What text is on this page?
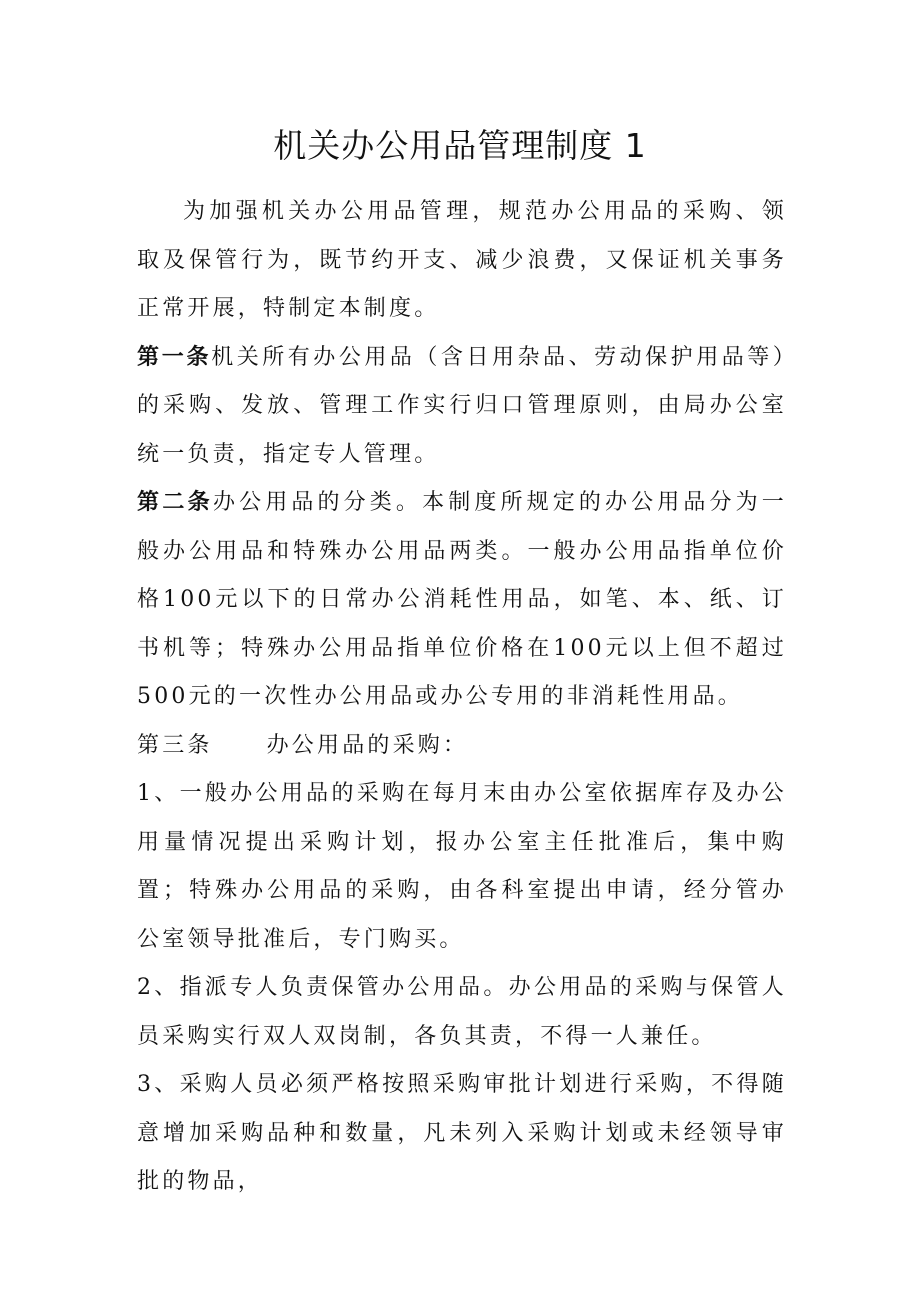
机关办公用品管理制度 1

为加强机关办公用品管理，规范办公用品的采购、领取及保管行为，既节约开支、减少浪费，又保证机关事务正常开展，特制定本制度。

第一条机关所有办公用品（含日用杂品、劳动保护用品等）的采购、发放、管理工作实行归口管理原则，由局办公室统一负责，指定专人管理。

第二条办公用品的分类。本制度所规定的办公用品分为一般办公用品和特殊办公用品两类。一般办公用品指单位价格100元以下的日常办公消耗性用品，如笔、本、纸、订书机等；特殊办公用品指单位价格在100元以上但不超过500元的一次性办公用品或办公专用的非消耗性用品。

第三条 办公用品的采购：

1、一般办公用品的采购在每月末由办公室依据库存及办公用量情况提出采购计划，报办公室主任批准后，集中购置；特殊办公用品的采购，由各科室提出申请，经分管办公室领导批准后，专门购买。

2、指派专人负责保管办公用品。办公用品的采购与保管人员采购实行双人双岗制，各负其责，不得一人兼任。

3、采购人员必须严格按照采购审批计划进行采购，不得随意增加采购品种和数量，凡未列入采购计划或未经领导审批的物品，
